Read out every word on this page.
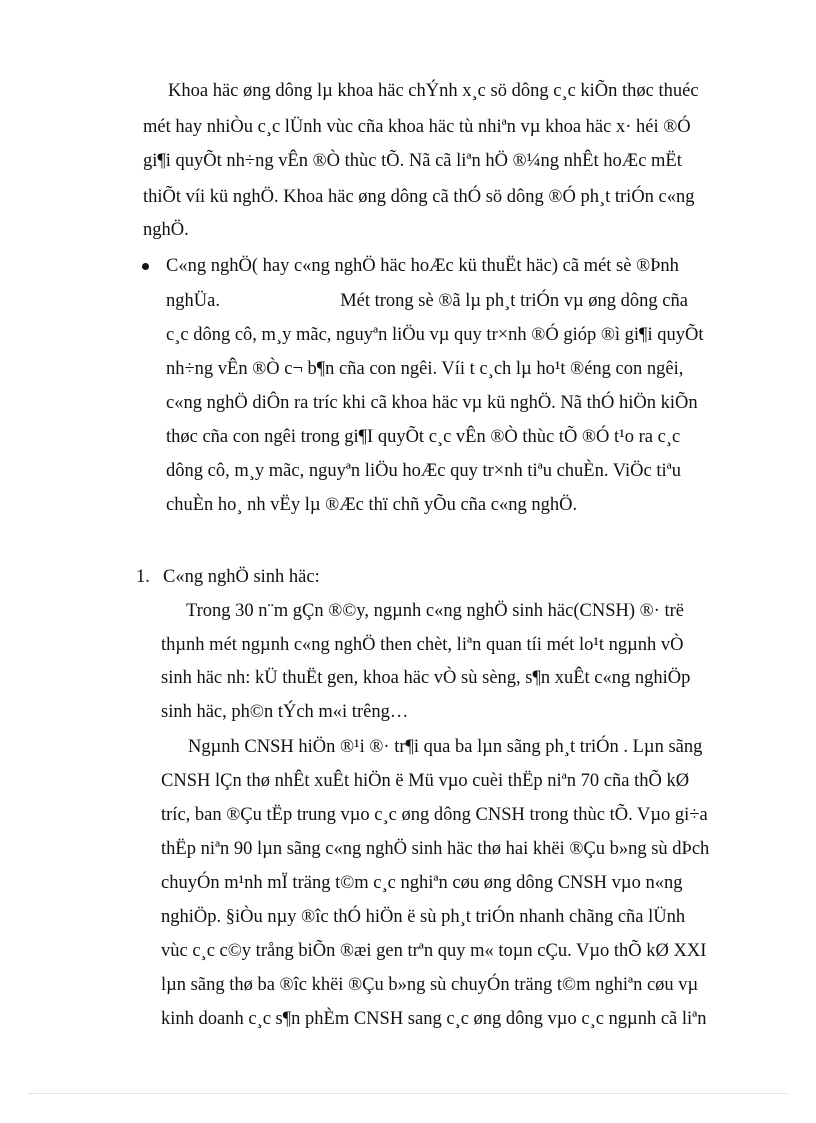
Khoa häc øng dông lµ khoa häc chÝnh x¸c sö dông c¸c kiÕn thøc thuéc
mét hay nhiÒu c¸c lÜnh vùc cña khoa häc tù nhiªn vµ khoa häc x· héi ®Ó
gi¶i quyÕt nh÷ng vÊn ®Ò thùc tÕ. Nã cã liªn hÖ ®¼ng nhÊt hoÆc mËt
thiÕt víi kü nghÖ. Khoa häc øng dông cã thÓ sö dông ®Ó ph¸t triÓn c«ng
nghÖ.
C«ng nghÖ( hay c«ng nghÖ häc hoÆc kü thuËt häc) cã mét sè ®Þnh
nghÜa.                          Mét trong sè ®ã lµ ph¸t triÓn vµ øng dông cña
c¸c dông cô, m¸y mãc, nguyªn liÖu vµ quy tr×nh ®Ó gióp ®ì gi¶i quyÕt
nh÷ng vÊn ®Ò c¬ b¶n cña con ngêi. Víi t c¸ch lµ ho¹t ®éng con ngêi,
c«ng nghÖ diÔn ra tríc khi cã khoa häc vµ kü nghÖ. Nã thÓ hiÖn kiÕn
thøc cña con ngêi trong gi¶I quyÕt c¸c vÊn ®Ò thùc tÕ ®Ó t¹o ra c¸c
dông cô, m¸y mãc, nguyªn liÖu hoÆc quy tr×nh tiªu chuÈn. ViÖc tiªu
chuÈn ho¸ nh vËy lµ ®Æc thï chñ yÕu cña c«ng nghÖ.
1. C«ng nghÖ sinh häc:
Trong 30 n¨m gÇn ®©y, ngµnh c«ng nghÖ sinh häc(CNSH) ®· trë
thµnh mét ngµnh c«ng nghÖ then chèt, liªn quan tíi mét lo¹t ngµnh vÒ
sinh häc nh: kÜ thuËt gen, khoa häc vÒ sù sèng, s¶n xuÊt c«ng nghiÖp
sinh häc, ph©n tÝch m«i trêng…
Ngµnh CNSH hiÖn ®¹i ®· tr¶i qua ba lµn sãng ph¸t triÓn . Lµn sãng
CNSH lÇn thø nhÊt xuÊt hiÖn ë Mü vµo cuèi thËp niªn 70 cña thÕ kØ
tríc, ban ®Çu tËp trung vµo c¸c øng dông CNSH trong thùc tÕ. Vµo gi÷a
thËp niªn 90 lµn sãng c«ng nghÖ sinh häc thø hai khëi ®Çu b»ng sù dÞch
chuyÓn m¹nh mÏ träng t©m c¸c nghiªn cøu øng dông CNSH vµo n«ng
nghiÖp. §iÒu nµy ®îc thÓ hiÖn ë sù ph¸t triÓn nhanh chãng cña lÜnh
vùc c¸c c©y trång biÕn ®æi gen trªn quy m« toµn cÇu. Vµo thÕ kØ XXI
lµn sãng thø ba ®îc khëi ®Çu b»ng sù chuyÓn träng t©m nghiªn cøu vµ
kinh doanh c¸c s¶n phÈm CNSH sang c¸c øng dông vµo c¸c ngµnh cã liªn
